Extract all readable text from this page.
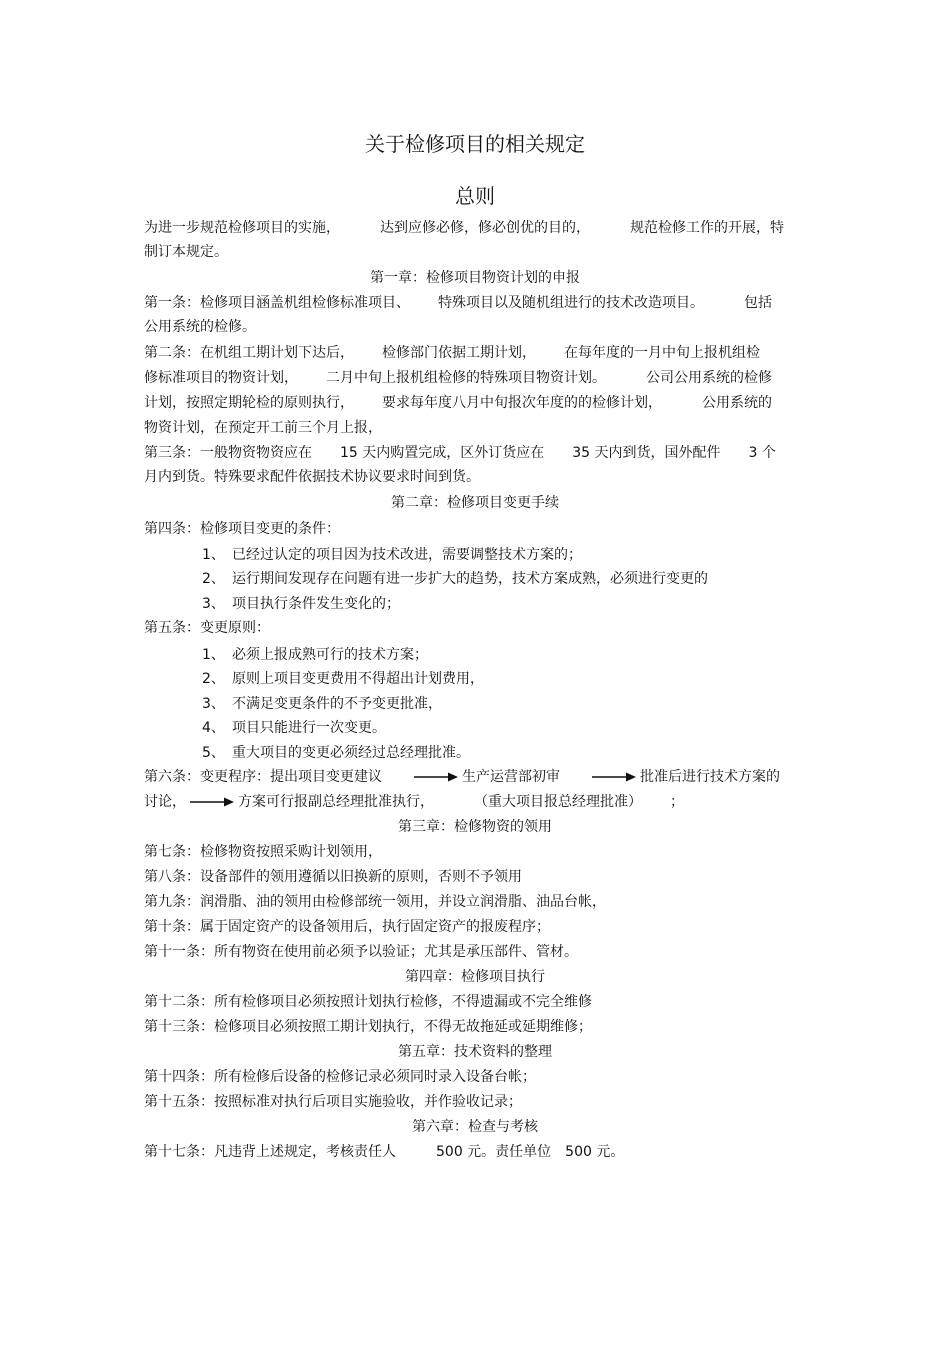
关于检修项目的相关规定
总则
为进一步规范检修项目的实施，	达到应修必修，修必创优的目的，	规范检修工作的开展，特
制订本规定。
第一章：检修项目物资计划的申报
第一条：检修项目涵盖机组检修标准项目、 特殊项目以及随机组进行的技术改造项目。	包括
公用系统的检修。
第二条：在机组工期计划下达后， 检修部门依据工期计划， 在每年度的一月中旬上报机组检
修标准项目的物资计划， 二月中旬上报机组检修的特殊项目物资计划。	公司公用系统的检修
计划，按照定期轮检的原则执行， 要求每年度八月中旬报次年度的的检修计划，	公用系统的
物资计划，在预定开工前三个月上报，
第三条：一般物资物资应在 15 天内购置完成，区外订货应在 35 天内到货，国外配件 3 个
月内到货。特殊要求配件依据技术协议要求时间到货。
第二章：检修项目变更手续
第四条：检修项目变更的条件：
1、 已经过认定的项目因为技术改进，需要调整技术方案的；
2、 运行期间发现存在问题有进一步扩大的趋势，技术方案成熟，必须进行变更的
3、 项目执行条件发生变化的；
第五条：变更原则：
1、 必须上报成熟可行的技术方案；
2、 原则上项目变更费用不得超出计划费用，
3、 不满足变更条件的不予变更批准，
4、 项目只能进行一次变更。
5、 重大项目的变更必须经过总经理批准。
第六条：变更程序：提出项目变更建议	生产运营部初审	批准后进行技术方案的
讨论，	方案可行报副总经理批准执行，	（重大项目报总经理批准） ；
第三章：检修物资的领用
第七条：检修物资按照采购计划领用，
第八条：设备部件的领用遵循以旧换新的原则，否则不予领用
第九条：润滑脂、油的领用由检修部统一领用，并设立润滑脂、油品台帐，
第十条：属于固定资产的设备领用后，执行固定资产的报废程序；
第十一条：所有物资在使用前必须予以验证；尤其是承压部件、管材。
第四章：检修项目执行
第十二条：所有检修项目必须按照计划执行检修，不得遗漏或不完全维修
第十三条：检修项目必须按照工期计划执行，不得无故拖延或延期维修；
第五章：技术资料的整理
第十四条：所有检修后设备的检修记录必须同时录入设备台帐；
第十五条：按照标准对执行后项目实施验收，并作验收记录；
第六章：检查与考核
第十七条：凡违背上述规定，考核责任人	500 元。责任单位 500 元。
